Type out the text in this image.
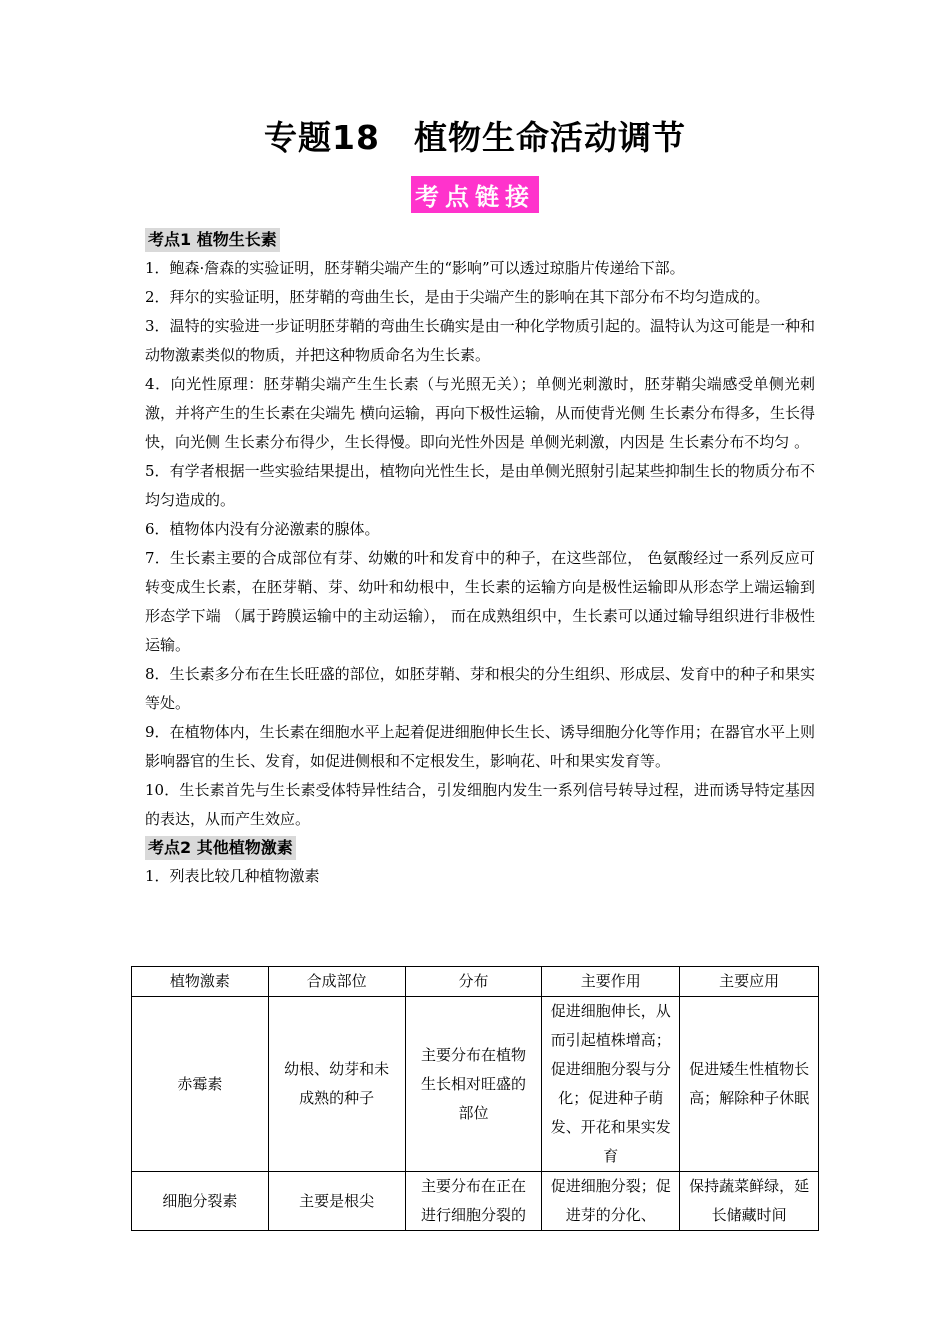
专题18　植物生命活动调节
考点链接
考点1 植物生长素

1．鲍森·詹森的实验证明，胚芽鞘尖端产生的“影响”可以透过琼脂片传递给下部。

2．拜尔的实验证明，胚芽鞘的弯曲生长，是由于尖端产生的影响在其下部分布不均匀造成的。

3．温特的实验进一步证明胚芽鞘的弯曲生长确实是由一种化学物质引起的。温特认为这可能是一种和动物激素类似的物质，并把这种物质命名为生长素。

4．向光性原理：胚芽鞘尖端产生生长素（与光照无关）；单侧光刺激时，胚芽鞘尖端感受单侧光刺激，并将产生的生长素在尖端先 横向运输，再向下极性运输，从而使背光侧 生长素分布得多，生长得快，向光侧 生长素分布得少，生长得慢。即向光性外因是 单侧光刺激，内因是 生长素分布不均匀 。

5．有学者根据一些实验结果提出，植物向光性生长，是由单侧光照射引起某些抑制生长的物质分布不均匀造成的。

6．植物体内没有分泌激素的腺体。

7．生长素主要的合成部位有芽、幼嫩的叶和发育中的种子，在这些部位， 色氨酸经过一系列反应可转变成生长素，在胚芽鞘、芽、幼叶和幼根中，生长素的运输方向是极性运输即从形态学上端运输到形态学下端 （属于跨膜运输中的主动运输）， 而在成熟组织中，生长素可以通过输导组织进行非极性运输。

8．生长素多分布在生长旺盛的部位，如胚芽鞘、芽和根尖的分生组织、形成层、发育中的种子和果实等处。

9．在植物体内，生长素在细胞水平上起着促进细胞伸长生长、诱导细胞分化等作用；在器官水平上则影响器官的生长、发育，如促进侧根和不定根发生，影响花、叶和果实发育等。

10．生长素首先与生长素受体特异性结合，引发细胞内发生一系列信号转导过程，进而诱导特定基因的表达，从而产生效应。

考点2 其他植物激素

1．列表比较几种植物激素

植物激素	合成部位	分布	主要作用	主要应用
赤霉素	幼根、幼芽和未成熟的种子	主要分布在植物生长相对旺盛的部位	促进细胞伸长，从而引起植株增高；促进细胞分裂与分化；促进种子萌发、开花和果实发育	促进矮生性植物长高；解除种子休眠
细胞分裂素	主要是根尖	主要分布在正在进行细胞分裂的	促进细胞分裂；促进芽的分化、	保持蔬菜鲜绿，延长储藏时间
